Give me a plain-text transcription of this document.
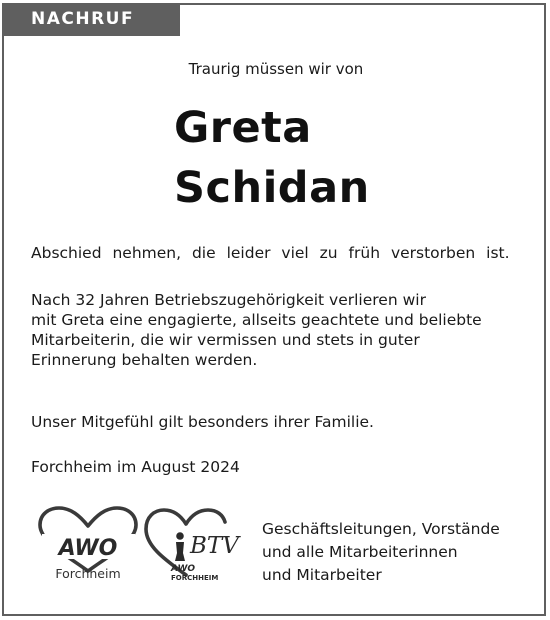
NACHRUF
Traurig müssen wir von
Greta
Schidan
Abschied nehmen, die leider viel zu früh verstorben ist.
Nach 32 Jahren Betriebszugehörigkeit verlieren wir
mit Greta eine engagierte, allseits geachtete und beliebte
Mitarbeiterin, die wir vermissen und stets in guter
Erinnerung behalten werden.
Unser Mitgefühl gilt besonders ihrer Familie.
Forchheim im August 2024
AWO
Forchheim
BTV
AWO
FORCHHEIM
Geschäftsleitungen, Vorstände
und alle Mitarbeiterinnen
und Mitarbeiter
